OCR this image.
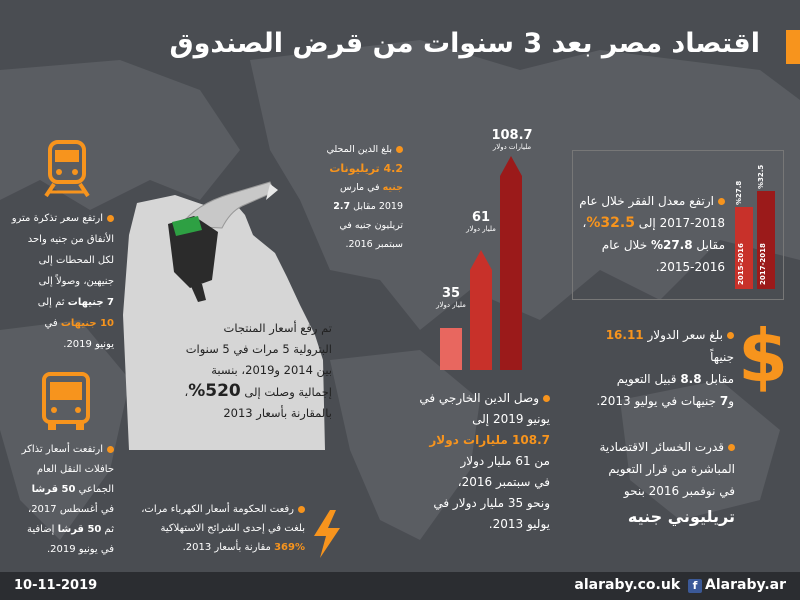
اقتصاد مصر بعد 3 سنوات من قرض الصندوق
تم رفع أسعار المنتجات
البترولية 5 مرات في 5 سنوات
بين 2014 و2019، بنسبة
إجمالية وصلت إلى 520%،
بالمقارنة بأسعار 2013
ارتفع سعر تذكرة مترو
الأنفاق من جنيه واحد
لكل المحطات إلى
جنيهين، وصولاً إلى
7 جنيهات ثم إلى
10 جنيهات في
يونيو 2019.
ارتفعت أسعار تذاكر
حافلات النقل العام
الجماعي 50 قرشا
في أغسطس 2017،
ثم 50 قرشا إضافية
في يونيو 2019.
رفعت الحكومة أسعار الكهرباء مرات،
بلغت في إحدى الشرائح الاستهلاكية
369% مقارنة بأسعار 2013.
بلغ الدين المحلي
4.2 تريليونات
جنيه في مارس
2019 مقابل 2.7
تريليون جنيه في
سبتمبر 2016.
35
مليار دولار
61
مليار دولار
108.7
مليارات دولار
وصل الدين الخارجي في
يونيو 2019 إلى
108.7 مليارات دولار
من 61 مليار دولار
في سبتمبر 2016،
ونحو 35 مليار دولار في
يوليو 2013.
%27.8
%32.5
2015-2016	2017-2018
ارتفع معدل الفقر خلال عام
2017-2018 إلى 32.5%،
مقابل 27.8% خلال عام
2015-2016.
$
بلغ سعر الدولار 16.11 جنيهاً
مقابل 8.8 قبيل التعويم
و7 جنيهات في يوليو 2013.
قدرت الخسائر الاقتصادية
المباشرة من قرار التعويم
في نوفمبر 2016 بنحو
تريليوني جنيه
10-11-2019	alaraby.co.uk f Alaraby.ar
